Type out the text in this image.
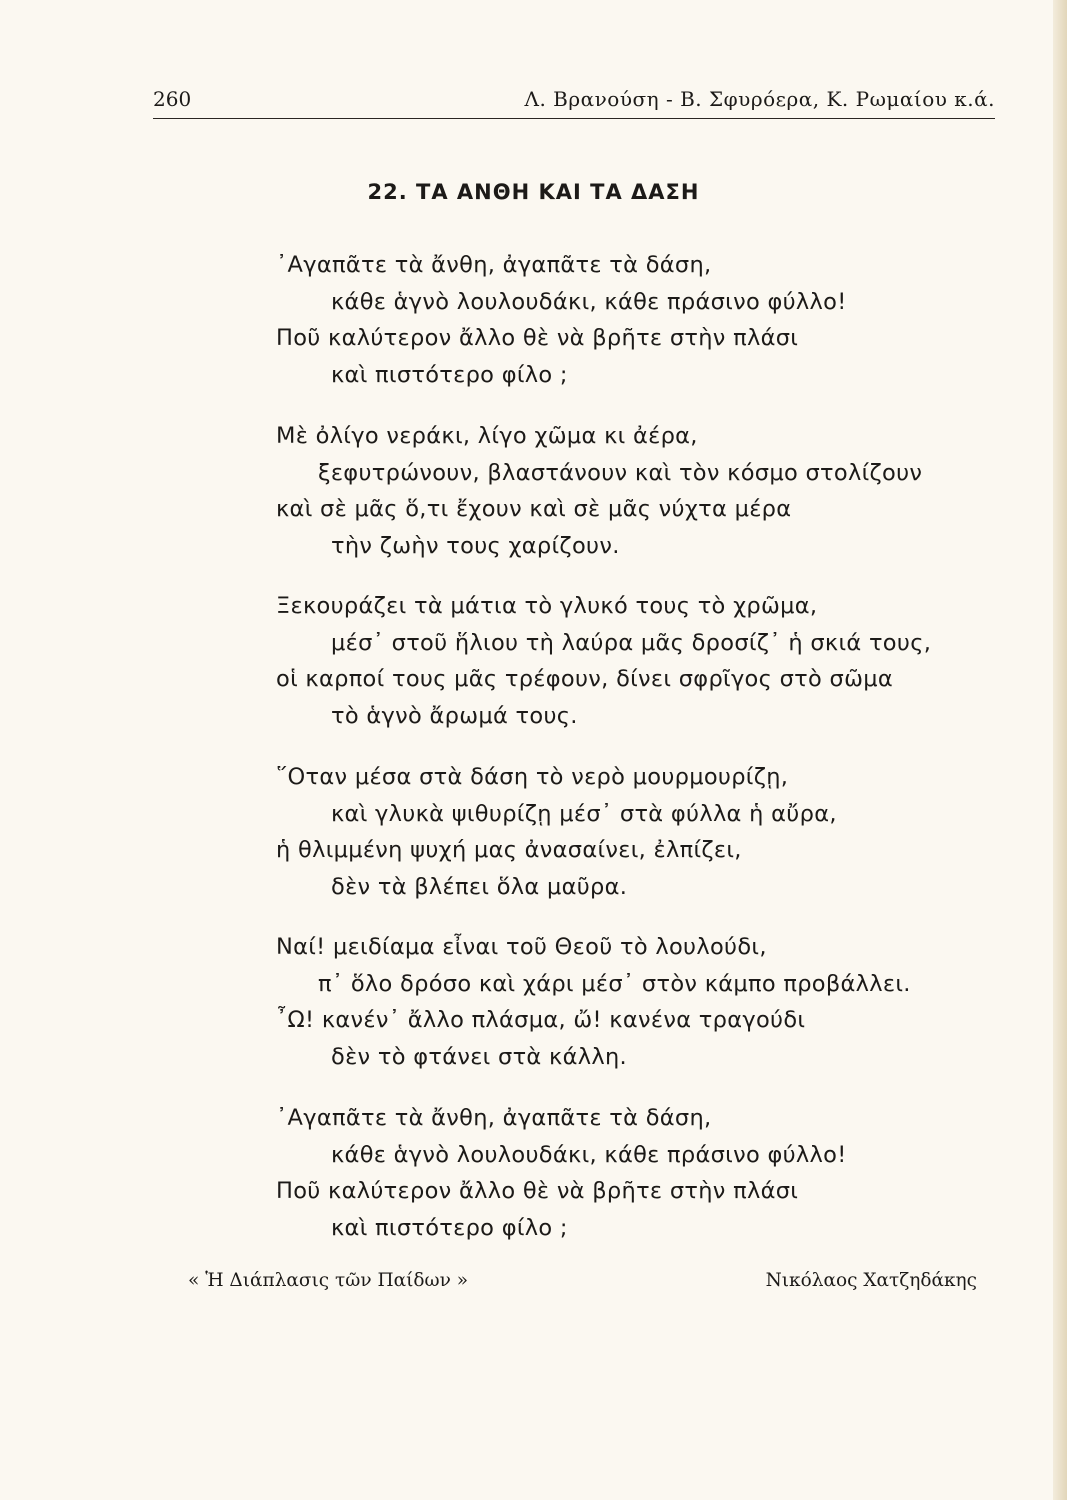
260	Λ. Βρανούση - Β. Σφυρόερα, Κ. Ρωμαίου κ.ά.
22. ΤΑ ΑΝΘΗ ΚΑΙ ΤΑ ΔΑΣΗ
᾿Αγαπᾶτε τὰ ἄνθη, ἀγαπᾶτε τὰ δάση,
κάθε ἁγνὸ λουλουδάκι, κάθε πράσινο φύλλο!
Ποῦ καλύτερον ἄλλο θὲ νὰ βρῆτε στὴν πλάσι
καὶ πιστότερο φίλο ;
Μὲ ὀλίγο νεράκι, λίγο χῶμα κι ἀέρα,
ξεφυτρώνουν, βλαστάνουν καὶ τὸν κόσμο στολίζουν
καὶ σὲ μᾶς ὅ,τι ἔχουν καὶ σὲ μᾶς νύχτα μέρα
τὴν ζωὴν τους χαρίζουν.
Ξεκουράζει τὰ μάτια τὸ γλυκό τους τὸ χρῶμα,
μέσ᾿ στοῦ ἥλιου τὴ λαύρα μᾶς δροσίζ᾿ ἡ σκιά τους,
οἱ καρποί τους μᾶς τρέφουν, δίνει σφρῖγος στὸ σῶμα
τὸ ἁγνὸ ἄρωμά τους.
῞Οταν μέσα στὰ δάση τὸ νερὸ μουρμουρίζῃ,
καὶ γλυκὰ ψιθυρίζῃ μέσ᾿ στὰ φύλλα ἡ αὔρα,
ἡ θλιμμένη ψυχή μας ἀνασαίνει, ἐλπίζει,
δὲν τὰ βλέπει ὅλα μαῦρα.
Ναί! μειδίαμα εἶναι τοῦ Θεοῦ τὸ λουλούδι,
π᾿ ὅλο δρόσο καὶ χάρι μέσ᾿ στὸν κάμπο προβάλλει.
῏Ω! κανέν᾿ ἄλλο πλάσμα, ὤ! κανένα τραγούδι
δὲν τὸ φτάνει στὰ κάλλη.
᾿Αγαπᾶτε τὰ ἄνθη, ἀγαπᾶτε τὰ δάση,
κάθε ἁγνὸ λουλουδάκι, κάθε πράσινο φύλλο!
Ποῦ καλύτερον ἄλλο θὲ νὰ βρῆτε στὴν πλάσι
καὶ πιστότερο φίλο ;
« Ἡ Διάπλασις τῶν Παίδων »	Νικόλαος Χατζηδάκης
